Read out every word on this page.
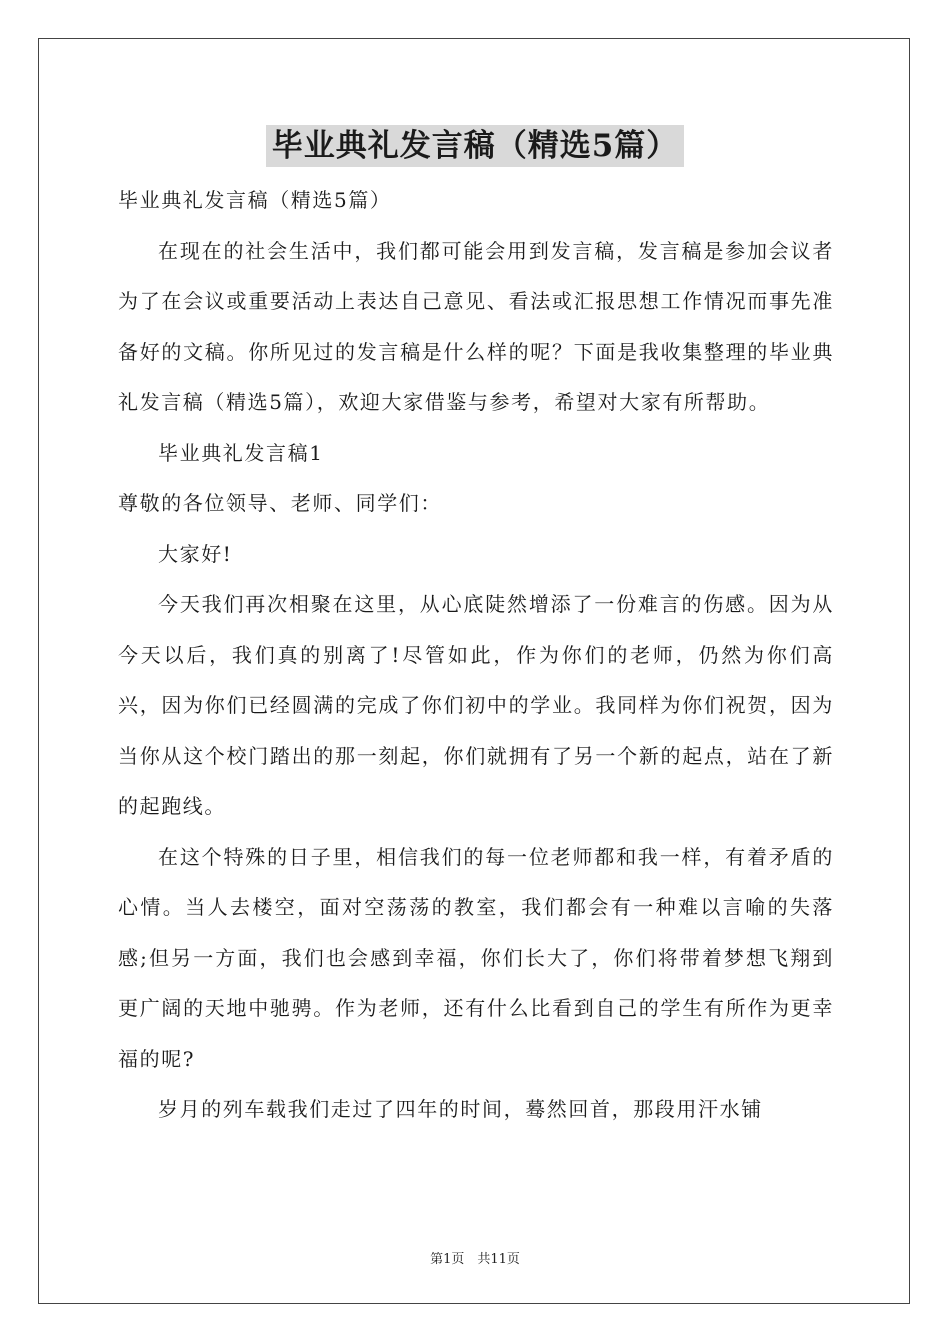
毕业典礼发言稿（精选5篇）

毕业典礼发言稿（精选5篇）

在现在的社会生活中，我们都可能会用到发言稿，发言稿是参加会议者为了在会议或重要活动上表达自己意见、看法或汇报思想工作情况而事先准备好的文稿。你所见过的发言稿是什么样的呢？下面是我收集整理的毕业典礼发言稿（精选5篇），欢迎大家借鉴与参考，希望对大家有所帮助。

毕业典礼发言稿1

尊敬的各位领导、老师、同学们：

大家好!

今天我们再次相聚在这里，从心底陡然增添了一份难言的伤感。因为从今天以后，我们真的别离了!尽管如此，作为你们的老师，仍然为你们高兴，因为你们已经圆满的完成了你们初中的学业。我同样为你们祝贺，因为当你从这个校门踏出的那一刻起，你们就拥有了另一个新的起点，站在了新的起跑线。

在这个特殊的日子里，相信我们的每一位老师都和我一样，有着矛盾的心情。当人去楼空，面对空荡荡的教室，我们都会有一种难以言喻的失落感;但另一方面，我们也会感到幸福，你们长大了，你们将带着梦想飞翔到更广阔的天地中驰骋。作为老师，还有什么比看到自己的学生有所作为更幸福的呢?

岁月的列车载我们走过了四年的时间，蓦然回首，那段用汗水铺

第1页　共11页
